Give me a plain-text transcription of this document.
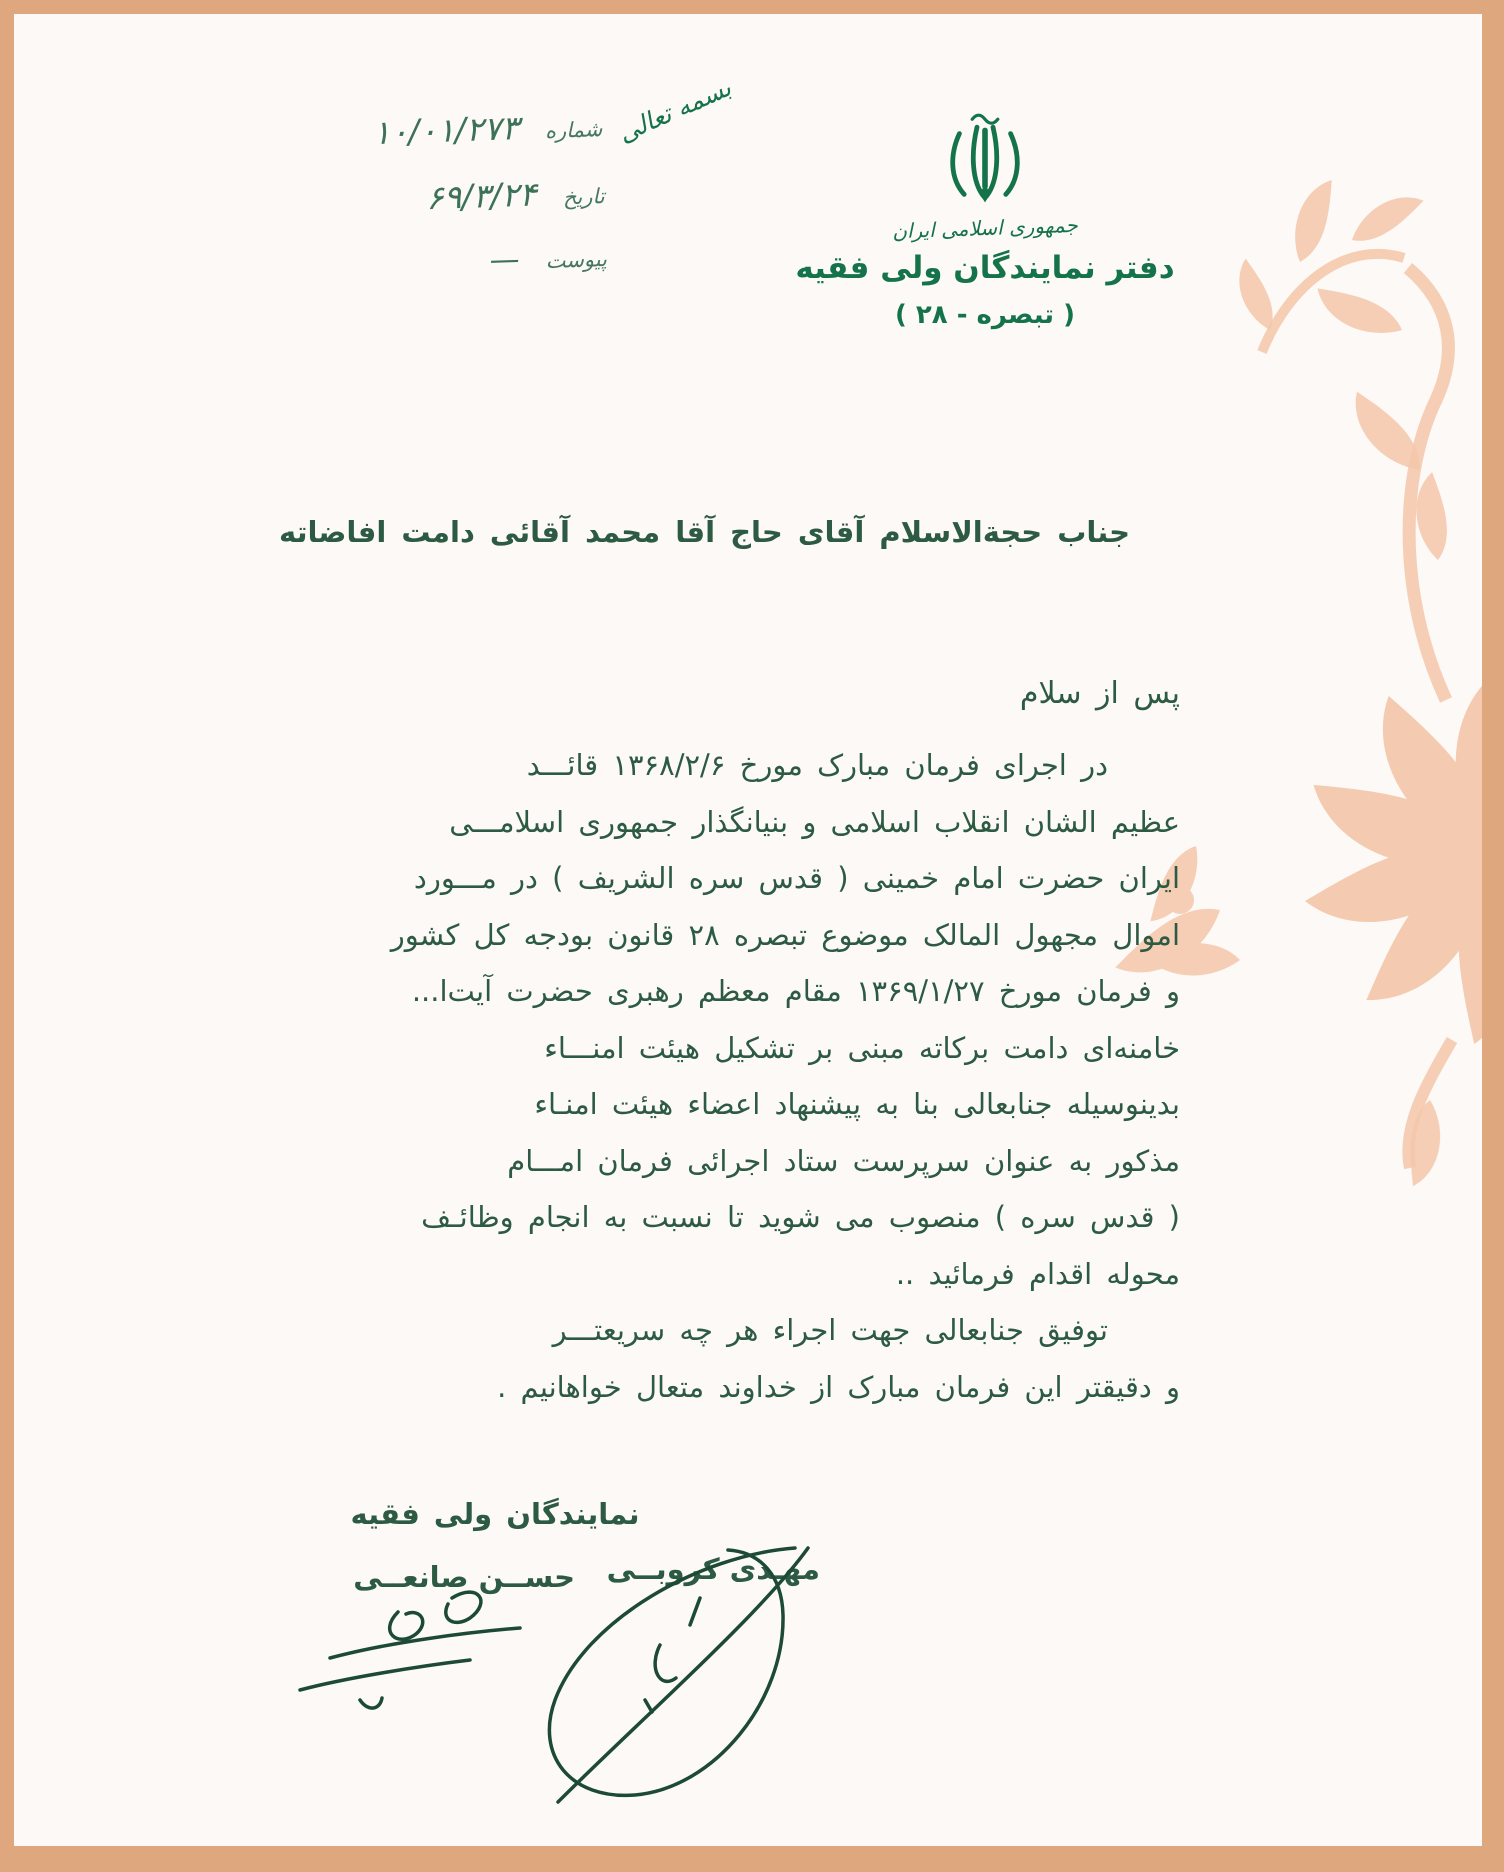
جمهوری اسلامی ایران
دفتر نمایندگان ولی فقیه
( تبصره - ۲۸ )
بسمه تعالی
شماره
۱۰/۰۱/۲۷۳
تاریخ
۶۹/۳/۲۴
پیوست
—
جناب حجةالاسلام آقای حاج آقا محمد آقائی دامت افاضاته
پس از سلام
در اجرای فرمان مبارک مورخ ۱۳۶۸/۲/۶ قائـــد
عظیم الشان انقلاب اسلامی و بنیانگذار جمهوری اسلامـــی
ایران حضرت امام خمینی ( قدس سره الشریف ) در مـــورد
اموال مجهول المالک موضوع تبصره ۲۸ قانون بودجه کل کشور
و فرمان مورخ ۱۳۶۹/۱/۲۷ مقام معظم رهبری حضرت آیت‌ا...
خامنه‌ای دامت برکاته مبنی بر تشکیل هیئت امنـــاء
بدینوسیله جنابعالی بنا به پیشنهاد اعضاء هیئت امنـاء
مذکور به عنوان سرپرست ستاد اجرائی فرمان امـــام
( قدس سره ) منصوب می شوید تا نسبت به انجام وظائـف
محوله اقدام فرمائید ..
توفیق جنابعالی جهت اجراء هر چه سریعتـــر
و دقیقتر این فرمان مبارک از خداوند متعال خواهانیم .
نمایندگان ولی فقیه
مهـدی کروبــی
حســن صانعــی
